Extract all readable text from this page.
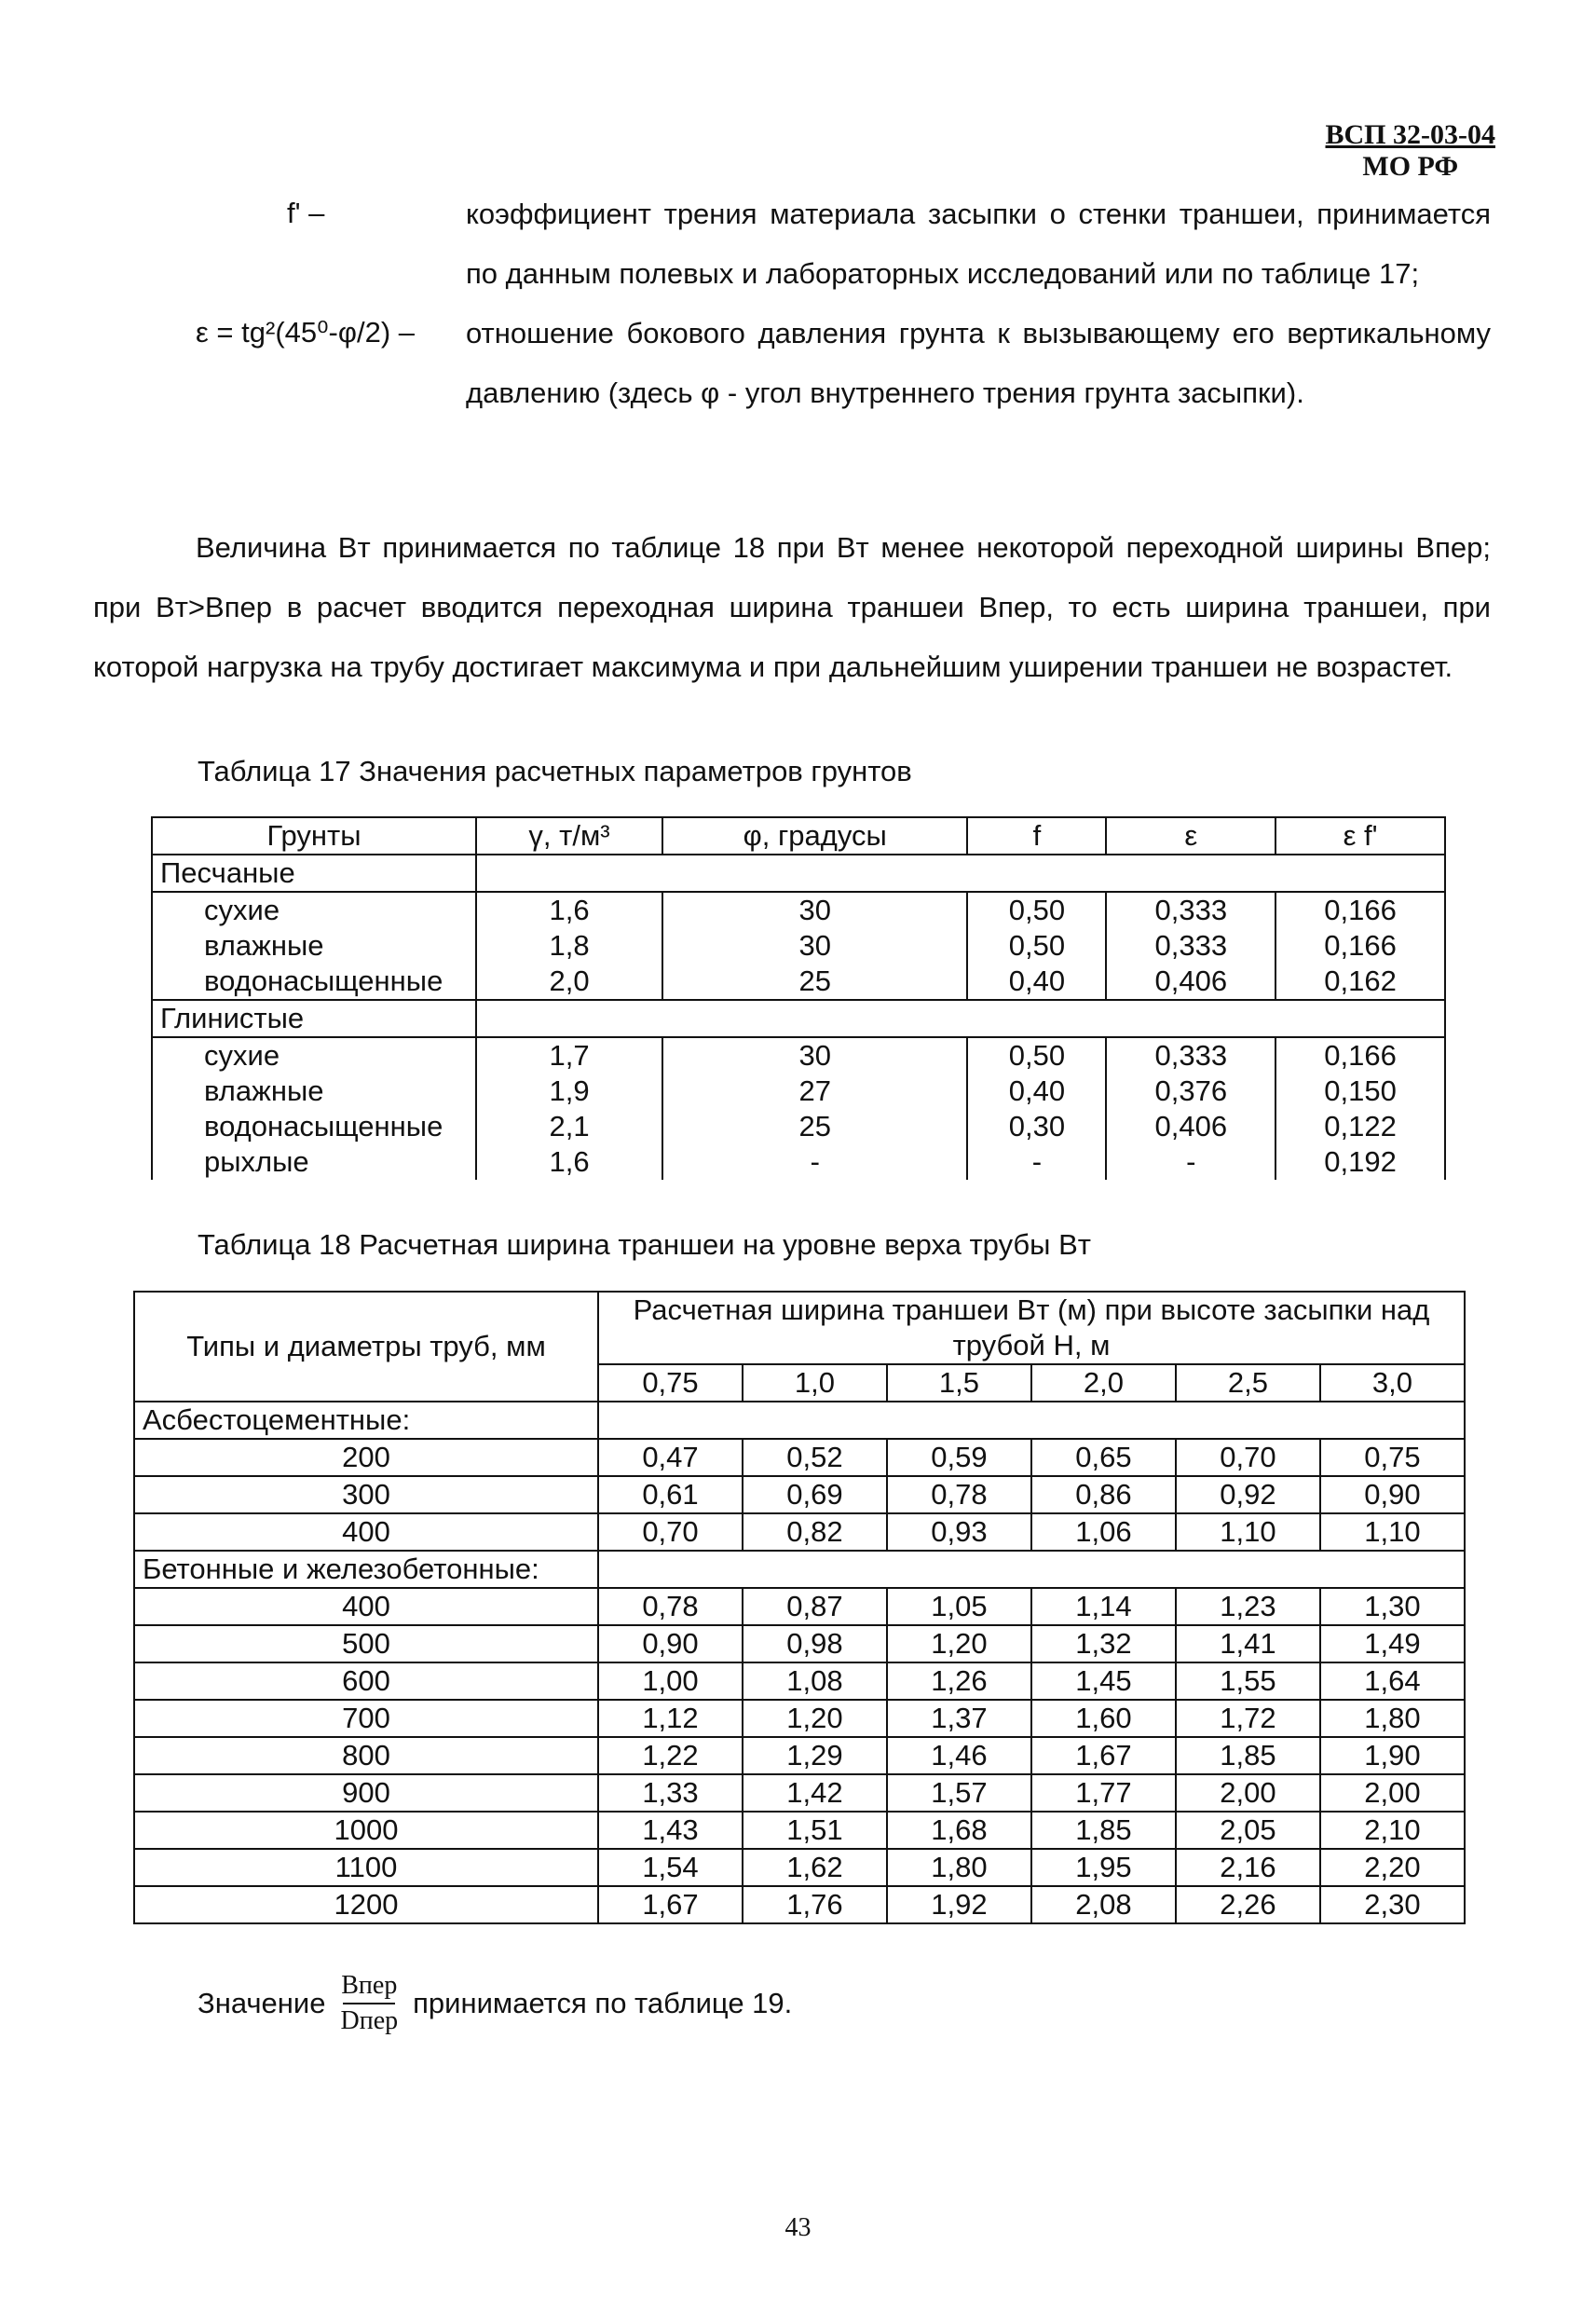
ВСП 32-03-04
МО РФ
f' –	коэффициент трения материала засыпки о стенки траншеи, принимается по данным полевых и лабораторных исследований или по таблице 17;
ε = tg²(45⁰-φ/2) –	отношение бокового давления грунта к вызывающему его вертикальному давлению (здесь φ - угол внутреннего трения грунта засыпки).
Величина Bт принимается по таблице 18 при Bт менее некоторой переходной ширины Bпер; при Bт>Bпер в расчет вводится переходная ширина траншеи Bпер, то есть ширина траншеи, при которой нагрузка на трубу достигает максимума и при дальнейшим уширении траншеи не возрастет.
Таблица 17 Значения расчетных параметров грунтов
Грунты	γ, т/м³	φ, градусы	f	ε	ε f'
Песчаные					
сухие	1,6	30	0,50	0,333	0,166
влажные	1,8	30	0,50	0,333	0,166
водонасыщенные	2,0	25	0,40	0,406	0,162
Глинистые					
сухие	1,7	30	0,50	0,333	0,166
влажные	1,9	27	0,40	0,376	0,150
водонасыщенные	2,1	25	0,30	0,406	0,122
рыхлые	1,6	-	-	-	0,192
Таблица 18 Расчетная ширина траншеи на уровне верха трубы Bт
Типы и диаметры труб, мм	Расчетная ширина траншеи Bт (м) при высоте засыпки над трубой H, м					
	0,75	1,0	1,5	2,0	2,5	3,0
Асбестоцементные:						
200	0,47	0,52	0,59	0,65	0,70	0,75
300	0,61	0,69	0,78	0,86	0,92	0,90
400	0,70	0,82	0,93	1,06	1,10	1,10
Бетонные и железобетонные:						
400	0,78	0,87	1,05	1,14	1,23	1,30
500	0,90	0,98	1,20	1,32	1,41	1,49
600	1,00	1,08	1,26	1,45	1,55	1,64
700	1,12	1,20	1,37	1,60	1,72	1,80
800	1,22	1,29	1,46	1,67	1,85	1,90
900	1,33	1,42	1,57	1,77	2,00	2,00
1000	1,43	1,51	1,68	1,85	2,05	2,10
1100	1,54	1,62	1,80	1,95	2,16	2,20
1200	1,67	1,76	1,92	2,08	2,26	2,30
Значение $\frac{\text{Bпер}}{\text{Dпер}}$ принимается по таблице 19.
43
